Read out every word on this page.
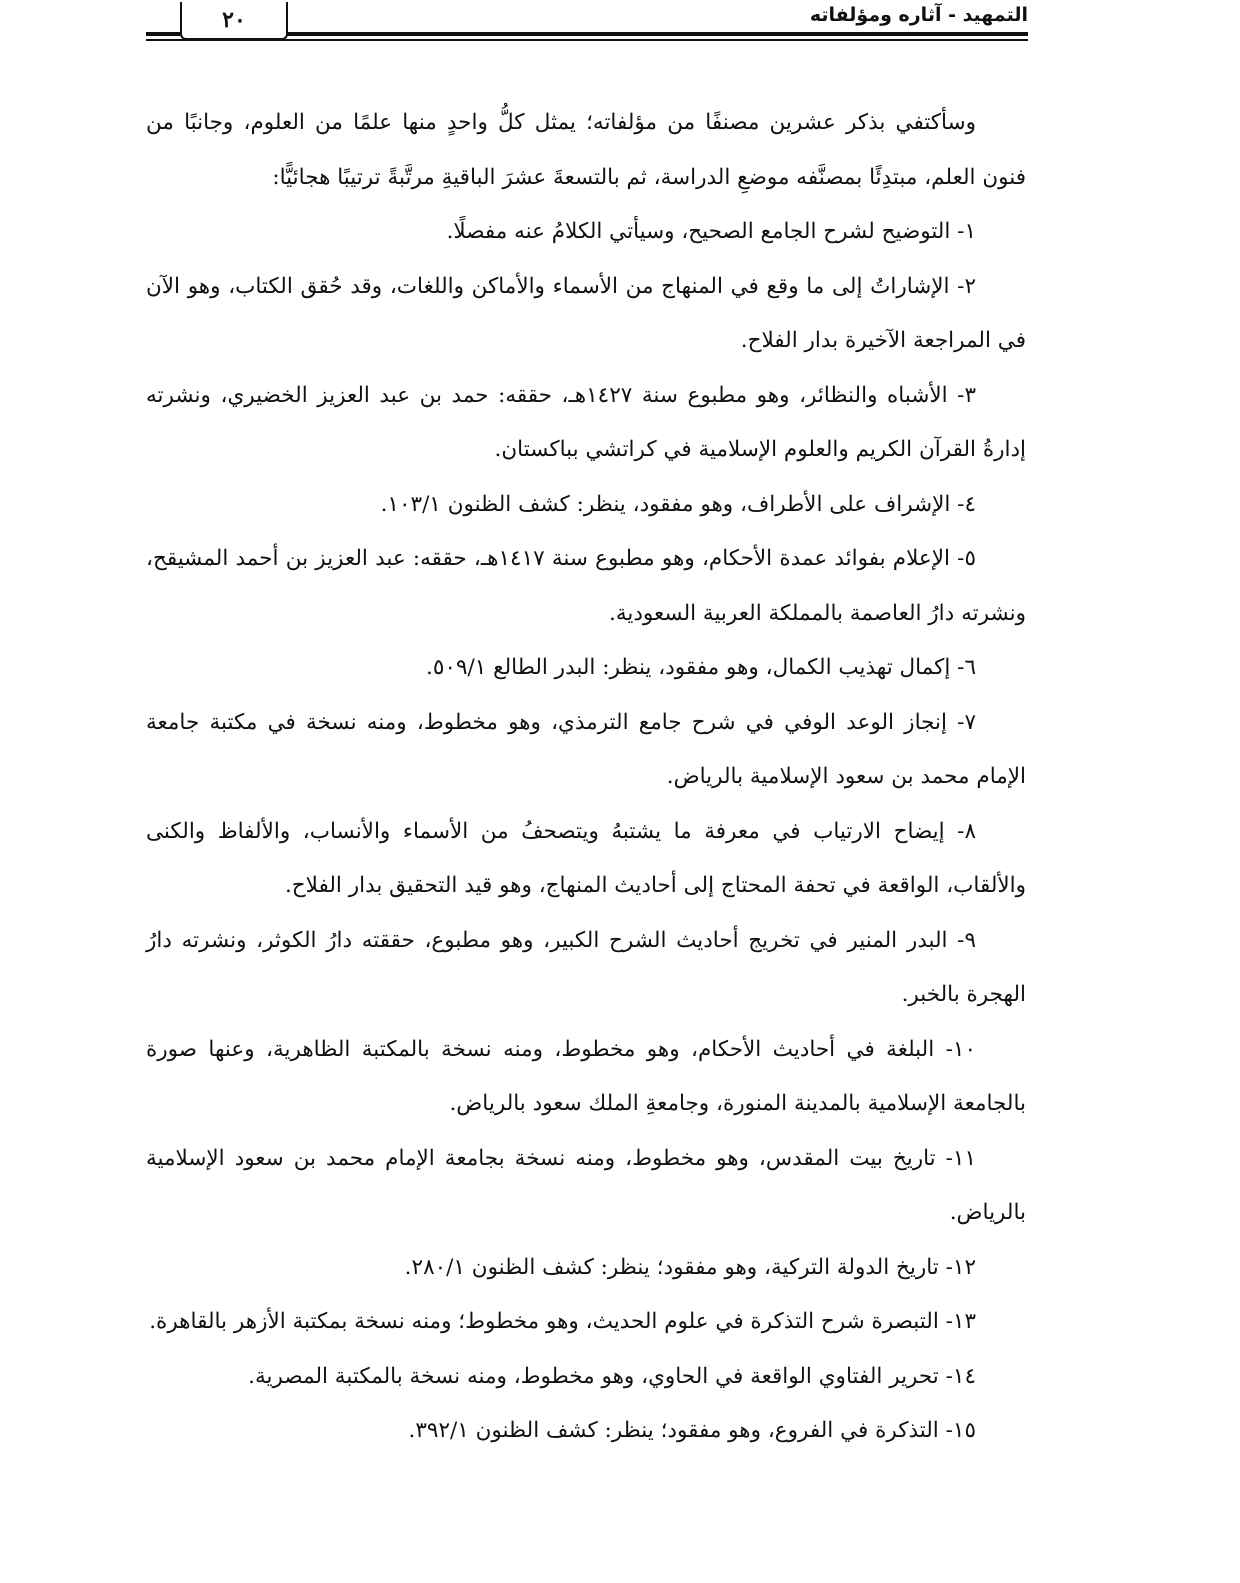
٢٠	التمهيد - آثاره ومؤلفاته

وسأكتفي بذكر عشرين مصنفًا من مؤلفاته؛ يمثل كلُّ واحدٍ منها علمًا من العلوم، وجانبًا من فنون العلم، مبتدِئًا بمصنَّفه موضعِ الدراسة، ثم بالتسعةَ عشرَ الباقيةِ مرتَّبةً ترتيبًا هجائيًّا:

١- التوضيح لشرح الجامع الصحيح، وسيأتي الكلامُ عنه مفصلًا.

٢- الإشاراتُ إلى ما وقع في المنهاج من الأسماء والأماكن واللغات، وقد حُقق الكتاب، وهو الآن في المراجعة الآخيرة بدار الفلاح.

٣- الأشباه والنظائر، وهو مطبوع سنة ١٤٢٧هـ، حققه: حمد بن عبد العزيز الخضيري، ونشرته إدارةُ القرآن الكريم والعلوم الإسلامية في كراتشي بباكستان.

٤- الإشراف على الأطراف، وهو مفقود، ينظر: كشف الظنون ١٠٣/١.

٥- الإعلام بفوائد عمدة الأحكام، وهو مطبوع سنة ١٤١٧هـ، حققه: عبد العزيز بن أحمد المشيقح، ونشرته دارُ العاصمة بالمملكة العربية السعودية.

٦- إكمال تهذيب الكمال، وهو مفقود، ينظر: البدر الطالع ٥٠٩/١.

٧- إنجاز الوعد الوفي في شرح جامع الترمذي، وهو مخطوط، ومنه نسخة في مكتبة جامعة الإمام محمد بن سعود الإسلامية بالرياض.

٨- إيضاح الارتياب في معرفة ما يشتبهُ ويتصحفُ من الأسماء والأنساب، والألفاظ والكنى والألقاب، الواقعة في تحفة المحتاج إلى أحاديث المنهاج، وهو قيد التحقيق بدار الفلاح.

٩- البدر المنير في تخريج أحاديث الشرح الكبير، وهو مطبوع، حققته دارُ الكوثر، ونشرته دارُ الهجرة بالخبر.

١٠- البلغة في أحاديث الأحكام، وهو مخطوط، ومنه نسخة بالمكتبة الظاهرية، وعنها صورة بالجامعة الإسلامية بالمدينة المنورة، وجامعةِ الملك سعود بالرياض.

١١- تاريخ بيت المقدس، وهو مخطوط، ومنه نسخة بجامعة الإمام محمد بن سعود الإسلامية بالرياض.

١٢- تاريخ الدولة التركية، وهو مفقود؛ ينظر: كشف الظنون ٢٨٠/١.

١٣- التبصرة شرح التذكرة في علوم الحديث، وهو مخطوط؛ ومنه نسخة بمكتبة الأزهر بالقاهرة.

١٤- تحرير الفتاوي الواقعة في الحاوي، وهو مخطوط، ومنه نسخة بالمكتبة المصرية.

١٥- التذكرة في الفروع، وهو مفقود؛ ينظر: كشف الظنون ٣٩٢/١.
